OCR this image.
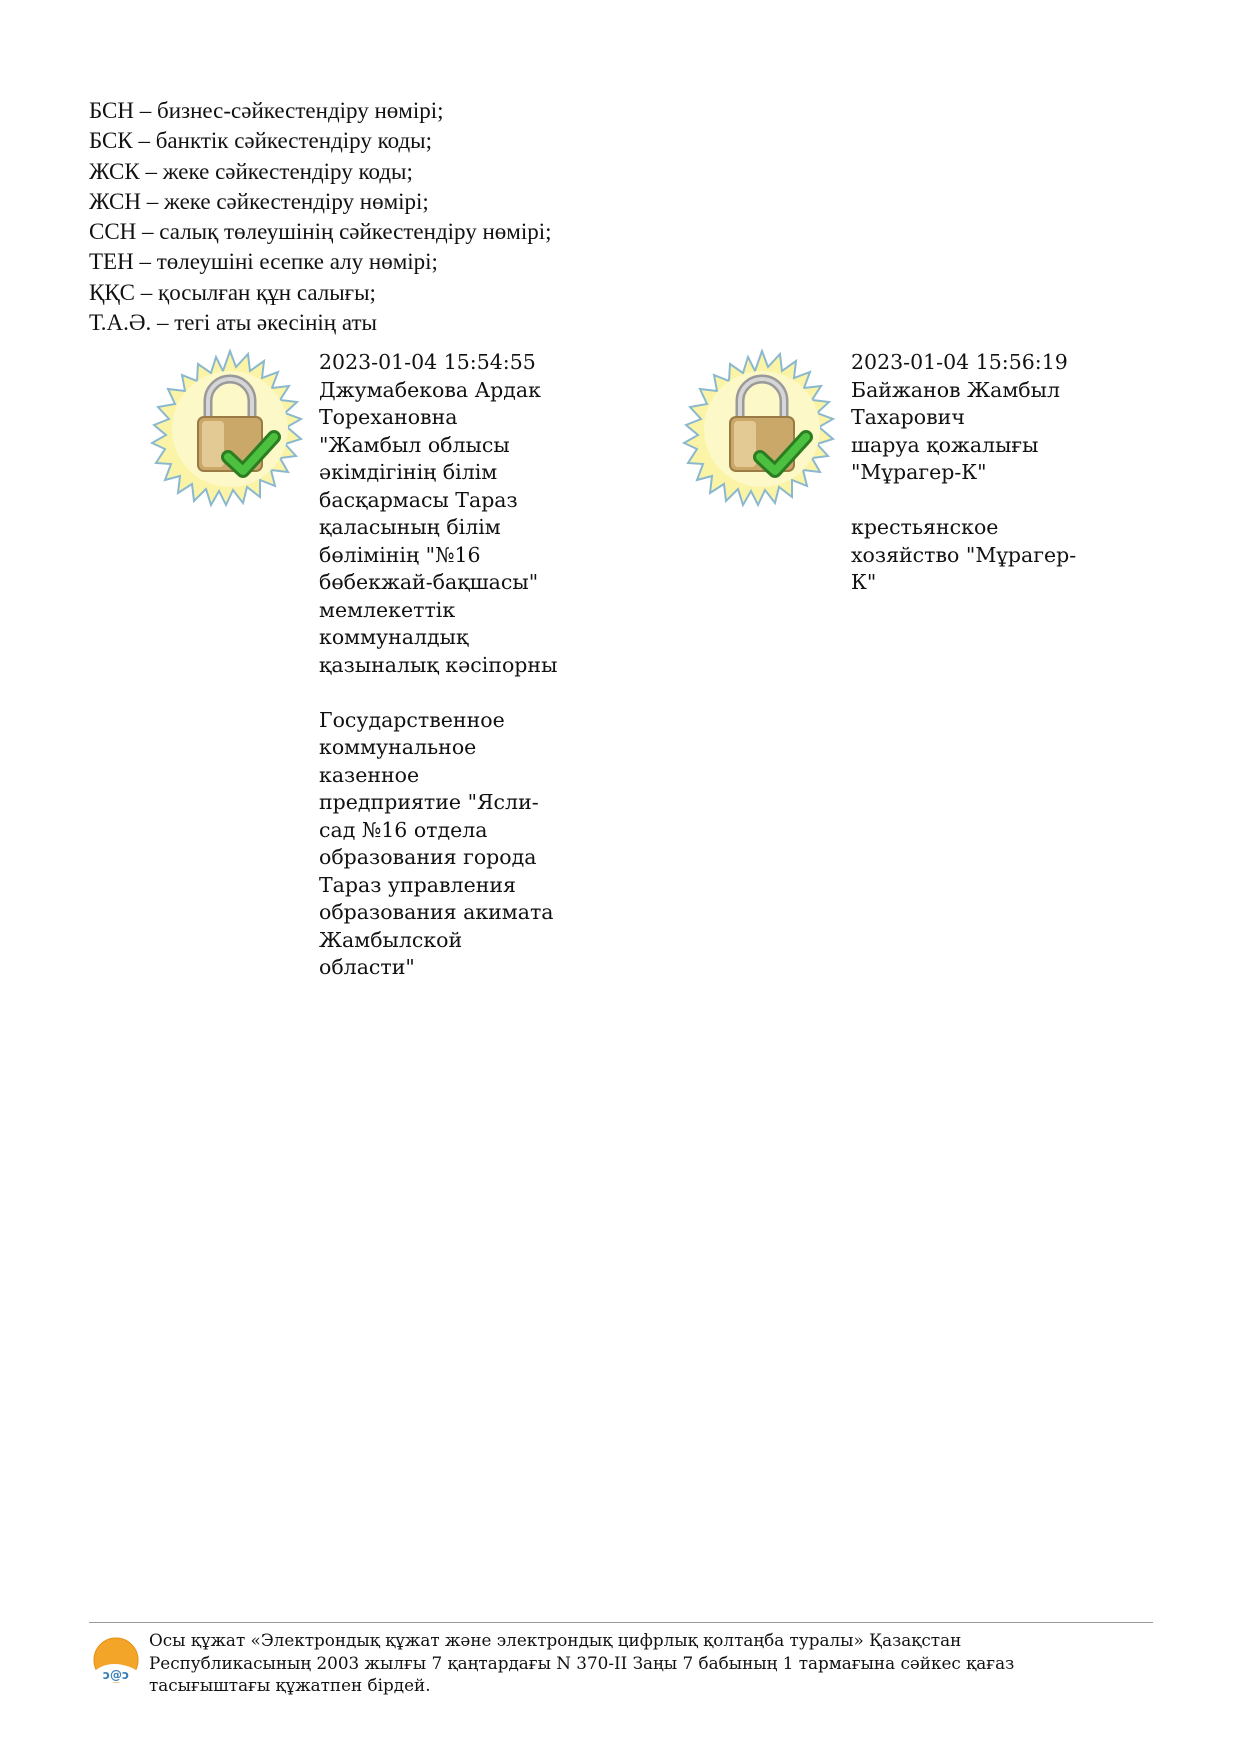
БСН – бизнес-сәйкестендіру нөмірі;
БСК – банктік сәйкестендіру коды;
ЖСК – жеке сәйкестендіру коды;
ЖСН – жеке сәйкестендіру нөмірі;
ССН – салық төлеушінің сәйкестендіру нөмірі;
ТЕН – төлеушіні есепке алу нөмірі;
ҚҚС – қосылған құн салығы;
Т.А.Ә. – тегі аты әкесінің аты
2023-01-04 15:54:55
Джумабекова Ардак
Торехановна
"Жамбыл облысы
әкімдігінің білім
басқармасы Тараз
қаласының білім
бөлімінің "№16
бөбекжай-бақшасы"
мемлекеттік
коммуналдық
қазыналық кәсіпорны

Государственное
коммунальное
казенное
предприятие "Ясли-
сад №16 отдела
образования города
Тараз управления
образования акимата
Жамбылской
области"
2023-01-04 15:56:19
Байжанов Жамбыл
Тахарович
шаруа қожалығы
"Мұрагер-К"

крестьянское
хозяйство "Мұрагер-
К"
ↄ@ↄ
Осы құжат «Электрондық құжат және электрондық цифрлық қолтаңба туралы» Қазақстан
Республикасының 2003 жылғы 7 қаңтардағы N 370-II Заңы 7 бабының 1 тармағына сәйкес қағаз
тасығыштағы құжатпен бірдей.
